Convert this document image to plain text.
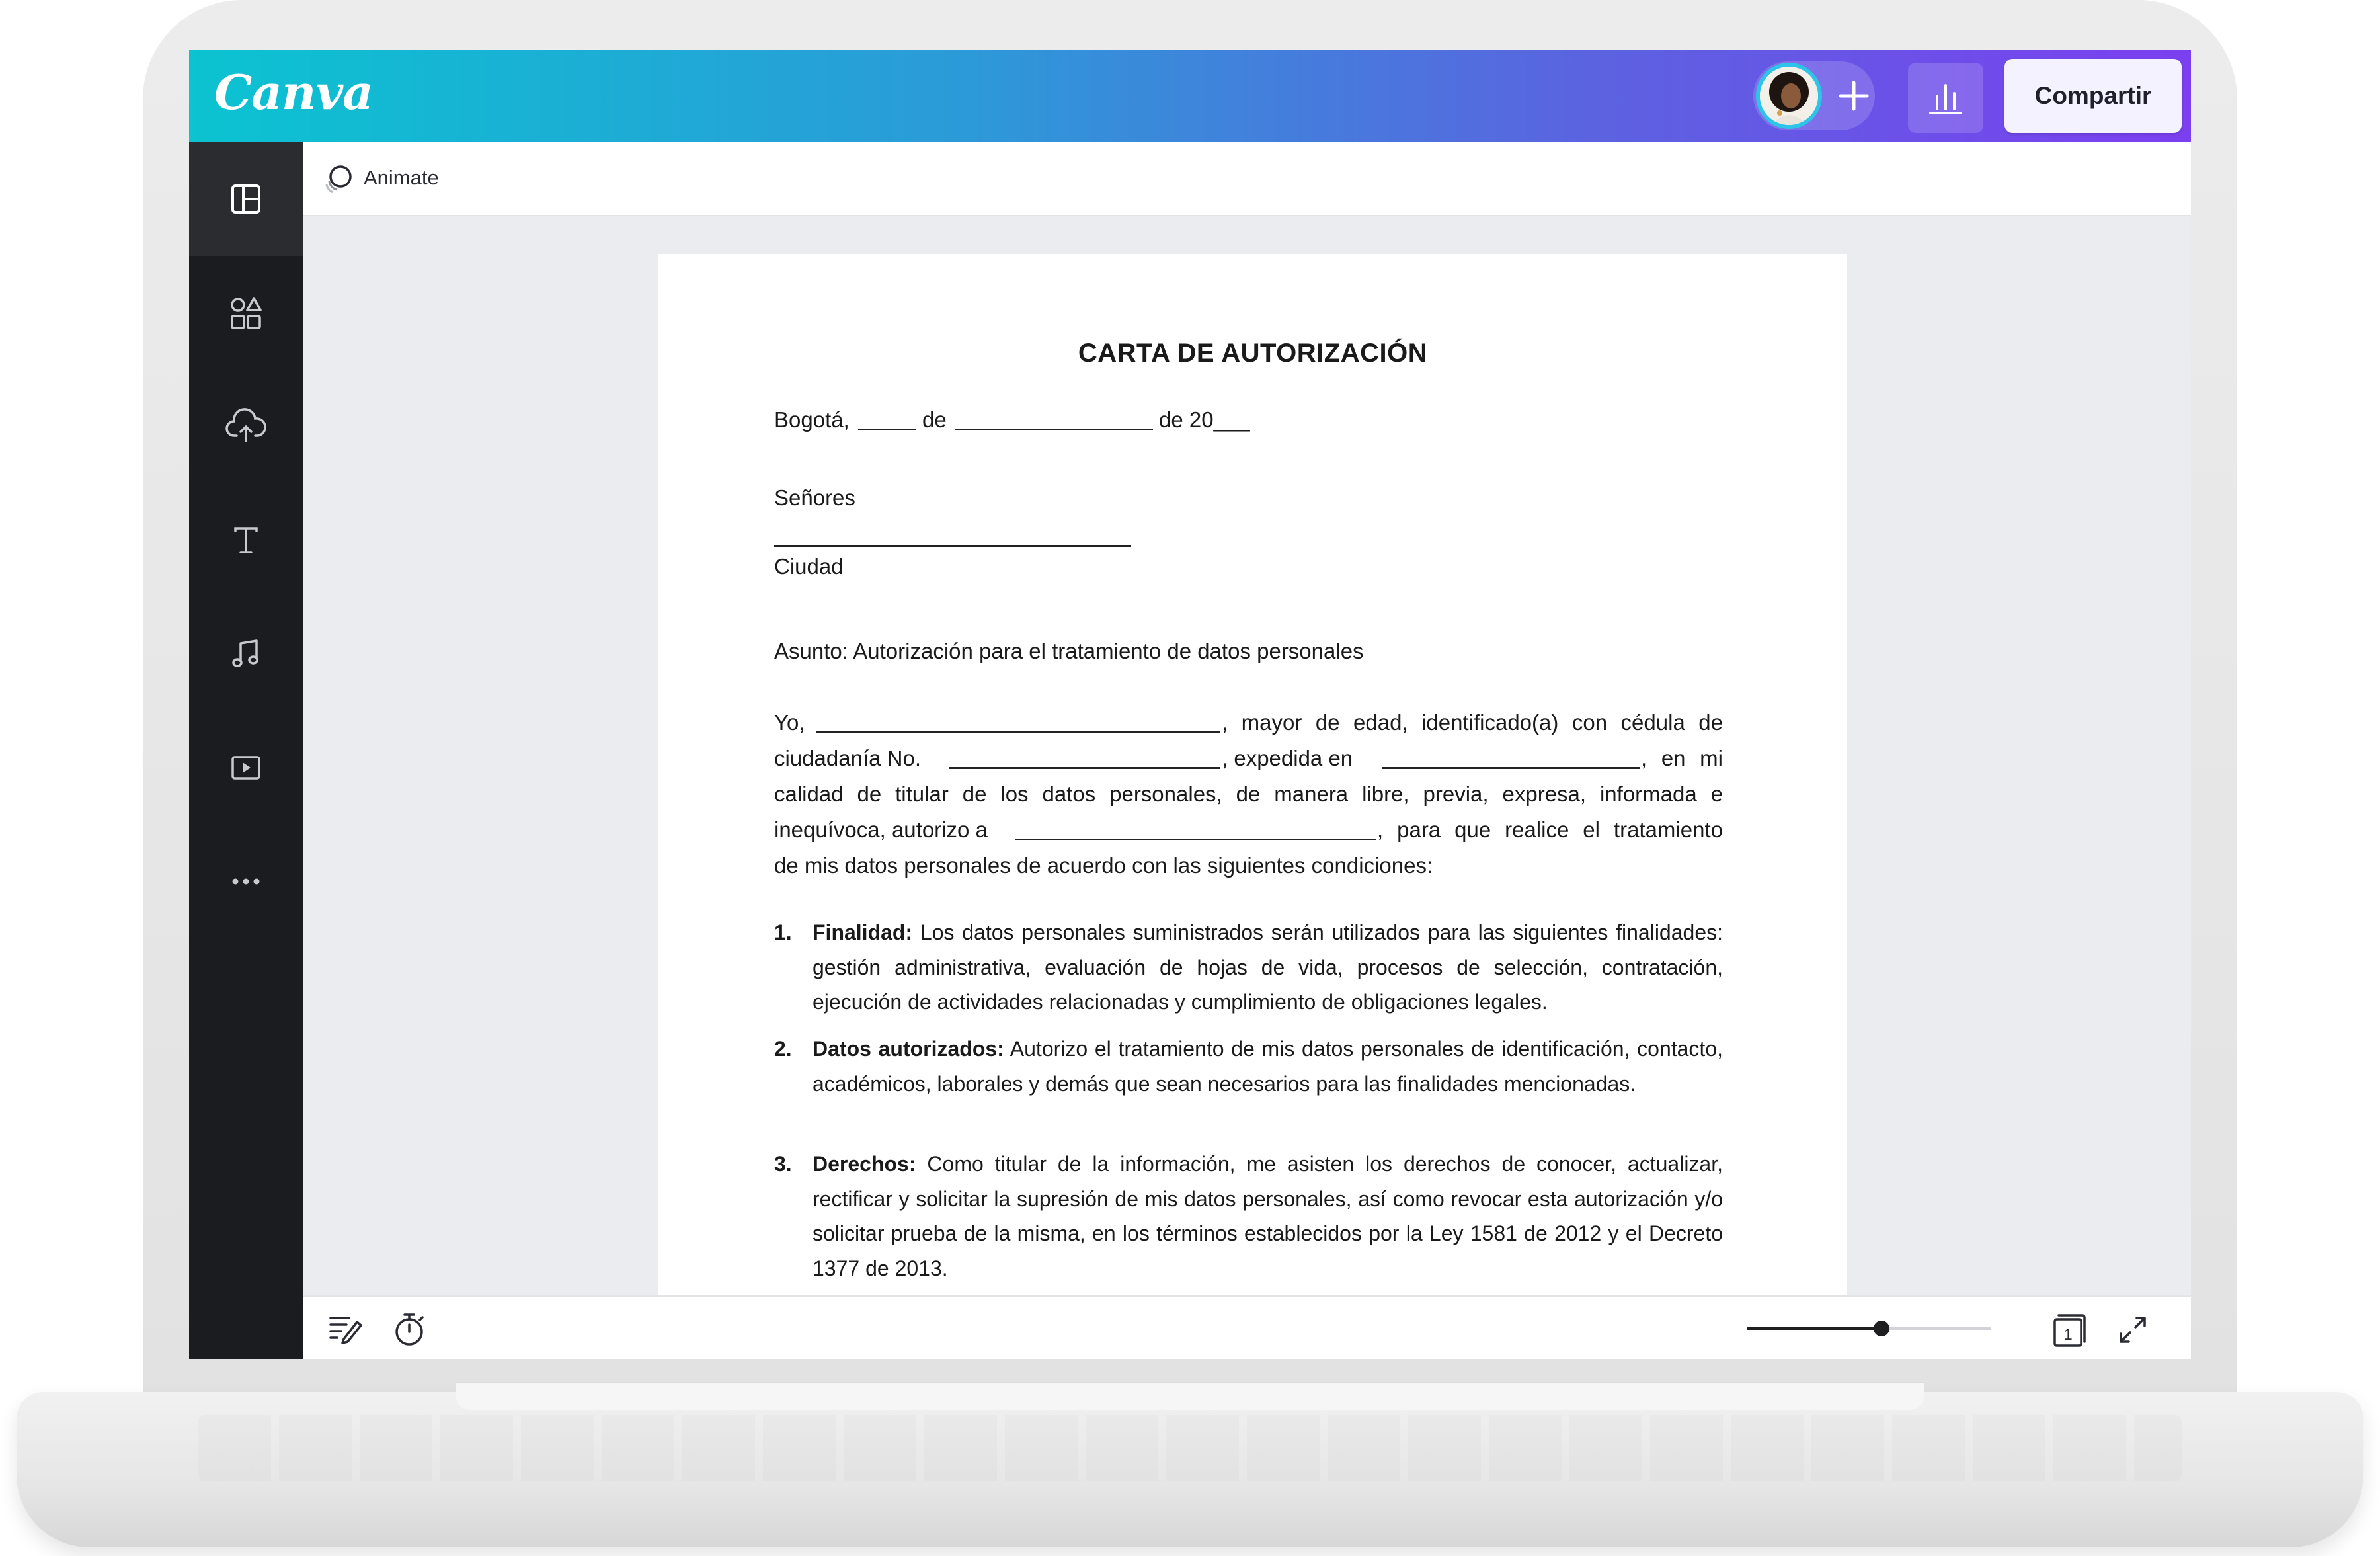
Canva	Compartir
Animate
CARTA DE AUTORIZACIÓN
Bogotá,	de	de 20___
Señores
Ciudad
Asunto: Autorización para el tratamiento de datos personales
Yo,	, mayor de edad, identificado(a) con cédula de
ciudadanía No.	, expedida en	, en mi
calidad de titular de los datos personales, de manera libre, previa, expresa, informada e
inequívoca, autorizo a	, para que realice el tratamiento
de mis datos personales de acuerdo con las siguientes condiciones:
1. Finalidad: Los datos personales suministrados serán utilizados para las siguientes finalidades: gestión administrativa, evaluación de hojas de vida, procesos de selección, contratación, ejecución de actividades relacionadas y cumplimiento de obligaciones legales.
2. Datos autorizados: Autorizo el tratamiento de mis datos personales de identificación, contacto, académicos, laborales y demás que sean necesarios para las finalidades mencionadas.
3. Derechos: Como titular de la información, me asisten los derechos de conocer, actualizar, rectificar y solicitar la supresión de mis datos personales, así como revocar esta autorización y/o solicitar prueba de la misma, en los términos establecidos por la Ley 1581 de 2012 y el Decreto 1377 de 2013.
1
